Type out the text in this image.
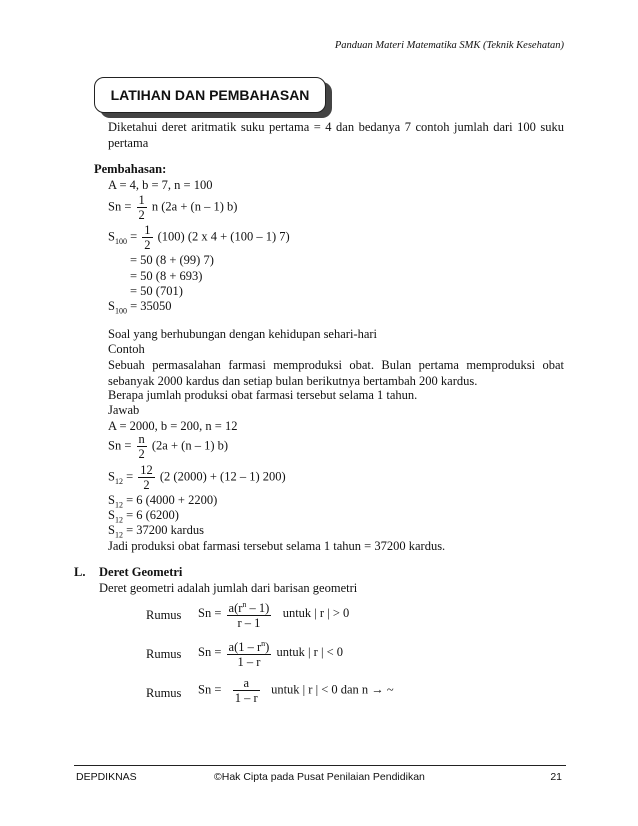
Panduan Materi Matematika SMK (Teknik Kesehatan)
LATIHAN DAN PEMBAHASAN
Diketahui deret aritmatik suku pertama = 4 dan bedanya 7 contoh jumlah dari 100 suku pertama
Pembahasan:
A = 4, b = 7, n = 100
$Sn = \frac{1}{2}$ n (2a + (n – 1) b)
$S_{100} = \frac{1}{2} (100)$ (2 x 4 + (100 – 1) 7)
= 50 (8 + (99) 7)
= 50 (8 + 693)
= 50 (701)
$S_{100} = 35050$
Soal yang berhubungan dengan kehidupan sehari-hari
Contoh
Sebuah permasalahan farmasi memproduksi obat. Bulan pertama memproduksi obat sebanyak 2000 kardus dan setiap bulan berikutnya bertambah 200 kardus.
Berapa jumlah produksi obat farmasi tersebut selama 1 tahun.
Jawab
A = 2000, b = 200, n = 12
$Sn = \frac{n}{2} (2a + (n - 1)$ b)
$S_{12} = \frac{12}{2} (2$ (2000) + (12 – 1) 200)
$S_{12} = 6$ (4000 + 2200)
$S_{12} = 6$ (6200)
$S_{12} = 37200$ kardus
Jadi produksi obat farmasi tersebut selama 1 tahun = 37200 kardus.
L. Deret Geometri
Deret geometri adalah jumlah dari barisan geometri
Rumus $Sn = \frac{a(r^n - 1)}{r - 1}$ untuk | r | > 0
Rumus $Sn = \frac{a(1 - r^n)}{1 - r}$ untuk | r | < 0
Rumus $Sn = \frac{a}{1 - r}$ untuk | r | < 0 dan n → ~
DEPDIKNAS	©Hak Cipta pada Pusat Penilaian Pendidikan	21
